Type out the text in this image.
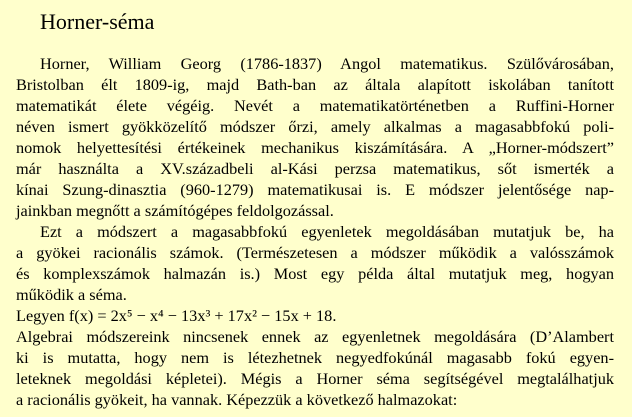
Horner-séma
Horner, William Georg (1786-1837) Angol matematikus. Szülővárosában,
Bristolban élt 1809-ig, majd Bath-ban az általa alapított iskolában tanított
matematikát élete végéig. Nevét a matematikatörténetben a Ruffini-Horner
néven ismert gyökközelítő módszer őrzi, amely alkalmas a magasabbfokú poli-
nomok helyettesítési értékeinek mechanikus kiszámítására. A „Horner-módszert”
már használta a XV.századbeli al-Kási perzsa matematikus, sőt ismerték a
kínai Szung-dinasztia (960-1279) matematikusai is. E módszer jelentősége nap-
jainkban megnőtt a számítógépes feldolgozással.
Ezt a módszert a magasabbfokú egyenletek megoldásában mutatjuk be, ha
a gyökei racionális számok. (Természetesen a módszer működik a valósszámok
és komplexszámok halmazán is.) Most egy példa által mutatjuk meg, hogyan
működik a séma.
Legyen f(x) = 2x⁵ − x⁴ − 13x³ + 17x² − 15x + 18.
Algebrai módszereink nincsenek ennek az egyenletnek megoldására (D’Alambert
ki is mutatta, hogy nem is létezhetnek negyedfokúnál magasabb fokú egyen-
leteknek megoldási képletei). Mégis a Horner séma segítségével megtalálhatjuk
a racionális gyökeit, ha vannak. Képezzük a következő halmazokat:
